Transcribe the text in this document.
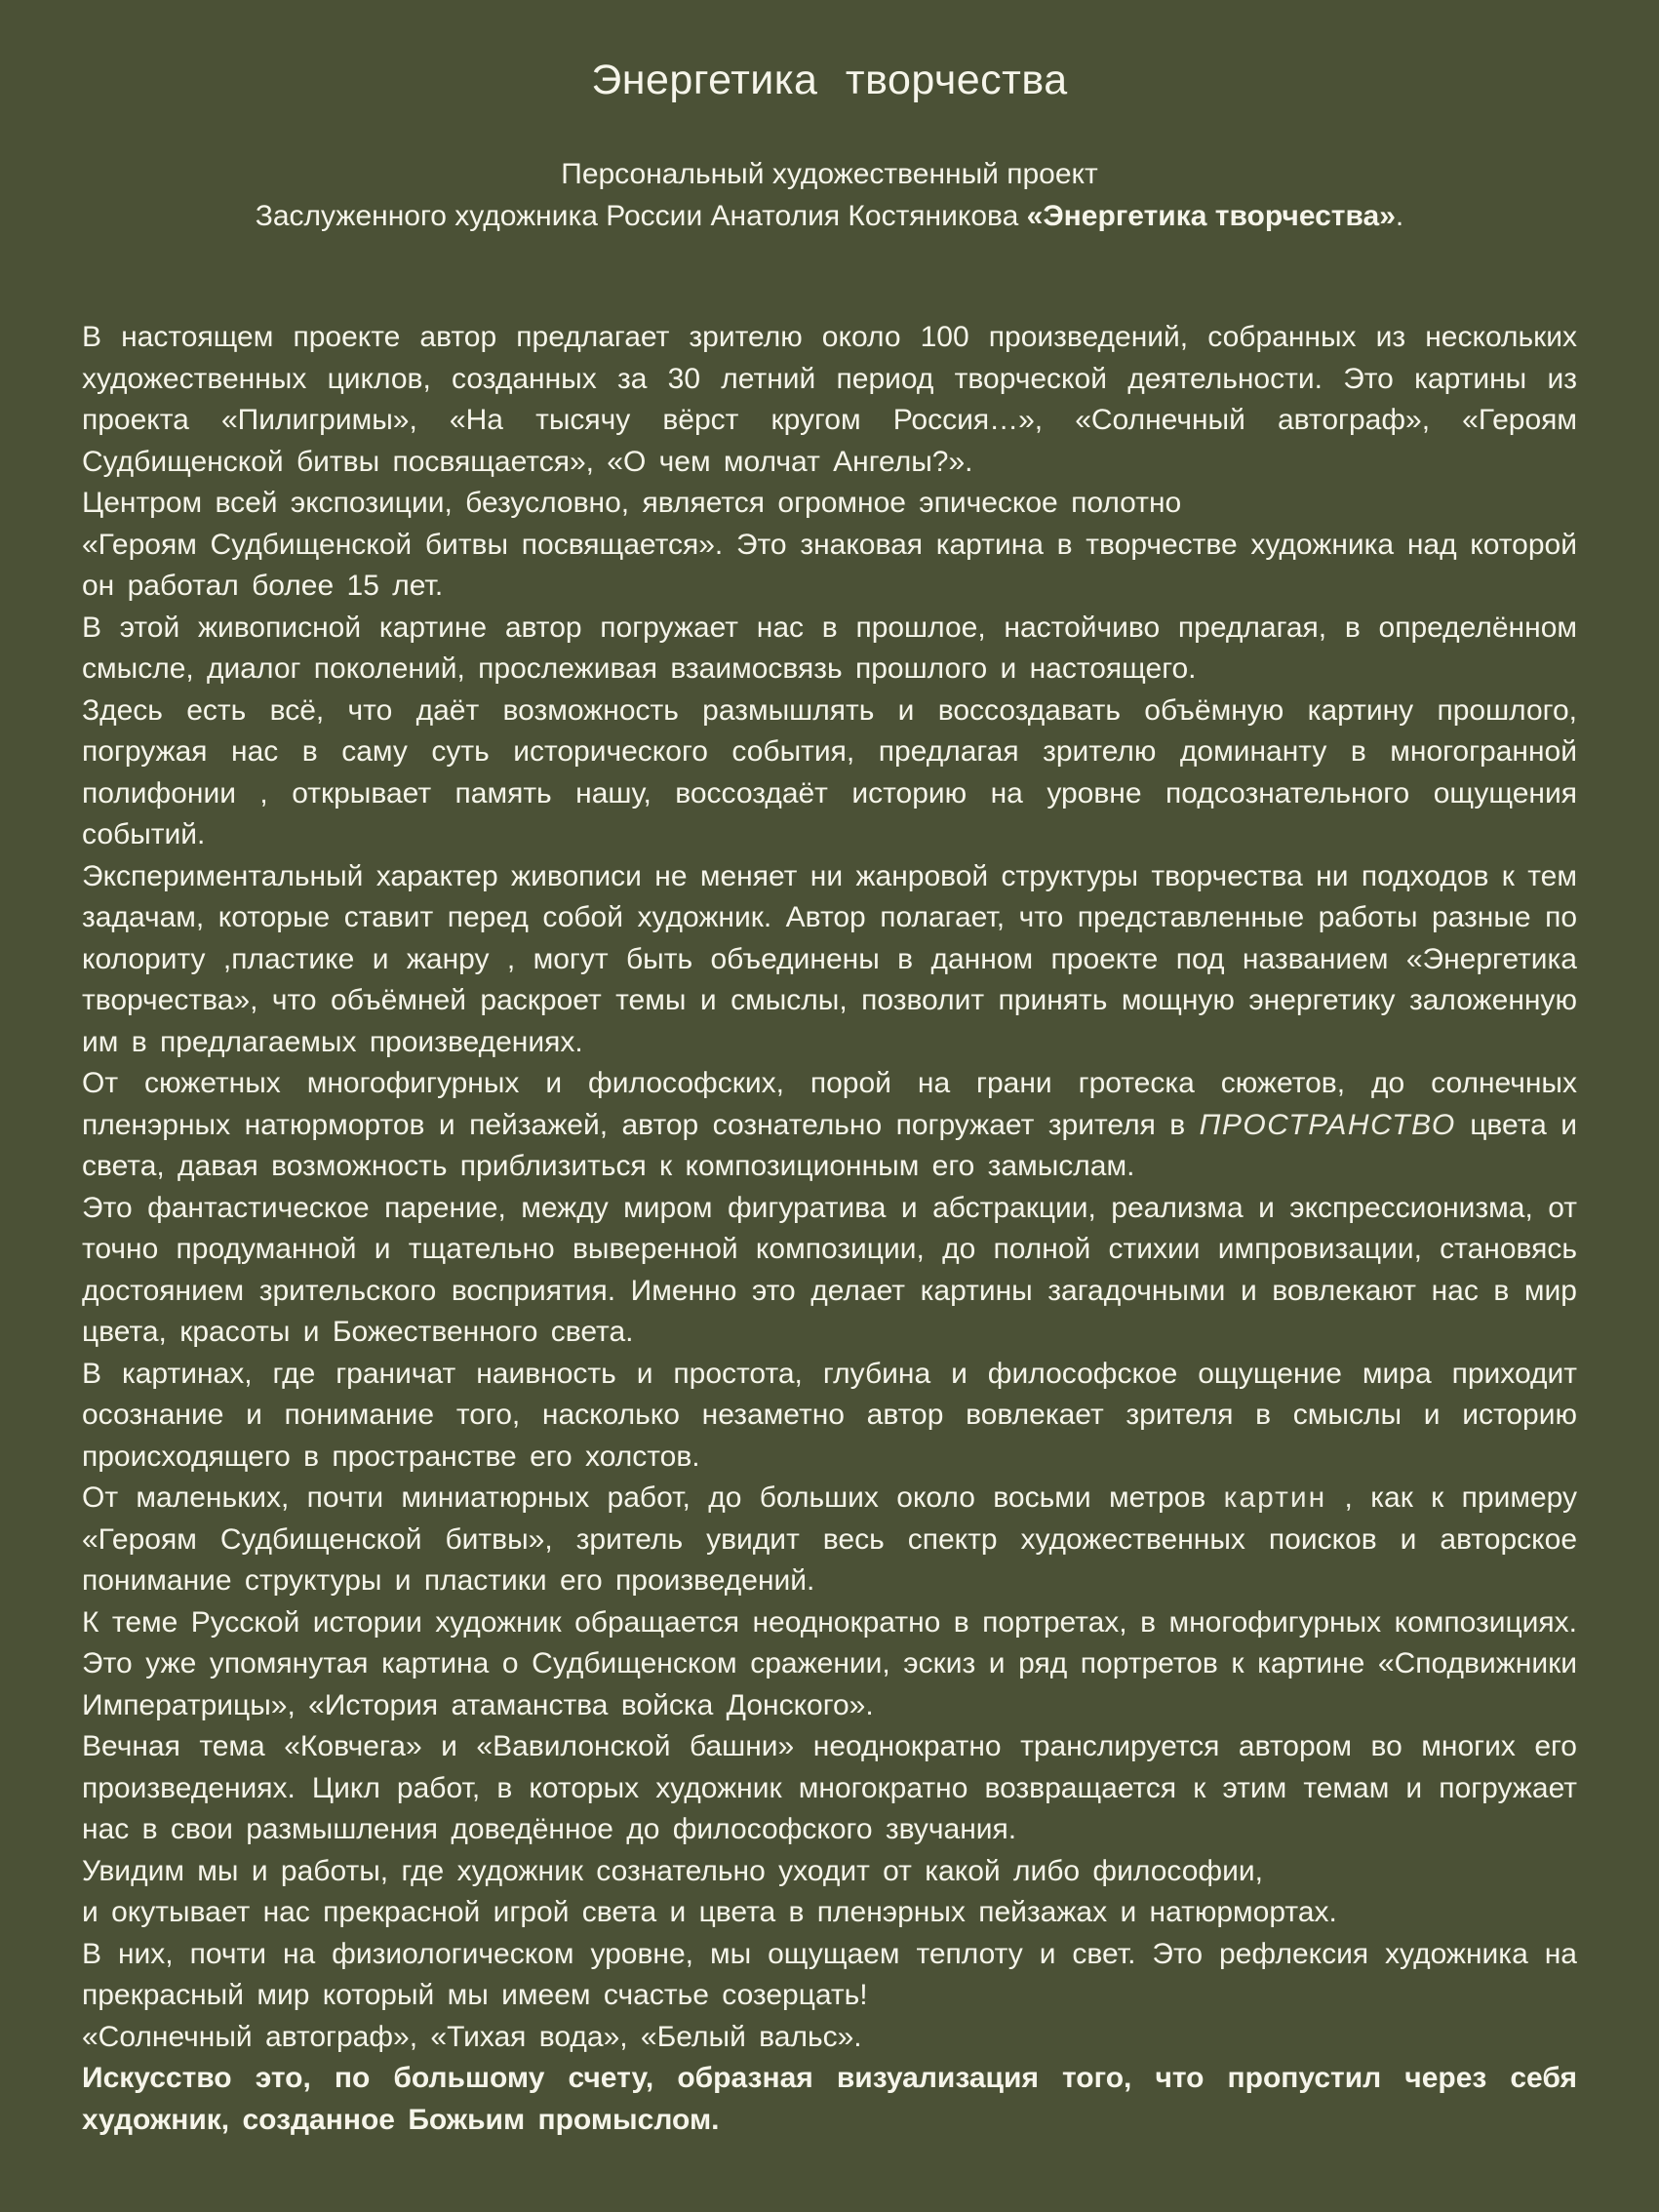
Энергетика творчества

Персональный художественный проект

Заслуженного художника России Анатолия Костяникова «Энергетика творчества».

В настоящем проекте автор предлагает зрителю около 100 произведений, собранных из нескольких художественных циклов, созданных за 30 летний период творческой деятельности. Это картины из проекта «Пилигримы», «На тысячу вёрст кругом Россия…», «Солнечный автограф», «Героям Судбищенской битвы посвящается», «О чем молчат Ангелы?».

Центром всей экспозиции, безусловно, является огромное эпическое полотно

«Героям Судбищенской битвы посвящается». Это знаковая картина в творчестве художника над которой он работал более 15 лет.

В этой живописной картине автор погружает нас в прошлое, настойчиво предлагая, в определённом смысле, диалог поколений, прослеживая взаимосвязь прошлого и настоящего.

Здесь есть всё, что даёт возможность размышлять и воссоздавать объёмную картину прошлого, погружая нас в саму суть исторического события, предлагая зрителю доминанту в многогранной полифонии , открывает память нашу, воссоздаёт историю на уровне подсознательного ощущения событий.

Экспериментальный характер живописи не меняет ни жанровой структуры творчества ни подходов к тем задачам, которые ставит перед собой художник. Автор полагает, что представленные работы разные по колориту ,пластике и жанру , могут быть объединены в данном проекте под названием «Энергетика творчества», что объёмней раскроет темы и смыслы, позволит принять мощную энергетику заложенную им в предлагаемых произведениях.

От сюжетных многофигурных и философских, порой на грани гротеска сюжетов, до солнечных пленэрных натюрмортов и пейзажей, автор сознательно погружает зрителя в ПРОСТРАНСТВО цвета и света, давая возможность приблизиться к композиционным его замыслам.

Это фантастическое парение, между миром фигуратива и абстракции, реализма и экспрессионизма, от точно продуманной и тщательно выверенной композиции, до полной стихии импровизации, становясь достоянием зрительского восприятия. Именно это делает картины загадочными и вовлекают нас в мир цвета, красоты и Божественного света.

В картинах, где граничат наивность и простота, глубина и философское ощущение мира приходит осознание и понимание того, насколько незаметно автор вовлекает зрителя в смыслы и историю происходящего в пространстве его холстов.

От маленьких, почти миниатюрных работ, до больших около восьми метров картин , как к примеру «Героям Судбищенской битвы», зритель увидит весь спектр художественных поисков и авторское понимание структуры и пластики его произведений.

К теме Русской истории художник обращается неоднократно в портретах, в многофигурных композициях. Это уже упомянутая картина о Судбищенском сражении, эскиз и ряд портретов к картине «Сподвижники Императрицы», «История атаманства войска Донского».

Вечная тема «Ковчега» и «Вавилонской башни» неоднократно транслируется автором во многих его произведениях. Цикл работ, в которых художник многократно возвращается к этим темам и погружает нас в свои размышления доведённое до философского звучания.

Увидим мы и работы, где художник сознательно уходит от какой либо философии,

и окутывает нас прекрасной игрой света и цвета в пленэрных пейзажах и натюрмортах.

В них, почти на физиологическом уровне, мы ощущаем теплоту и свет. Это рефлексия художника на прекрасный мир который мы имеем счастье созерцать!

«Солнечный автограф», «Тихая вода», «Белый вальс».

Искусство это, по большому счету, образная визуализация того, что пропустил через себя художник, созданное Божьим промыслом.
